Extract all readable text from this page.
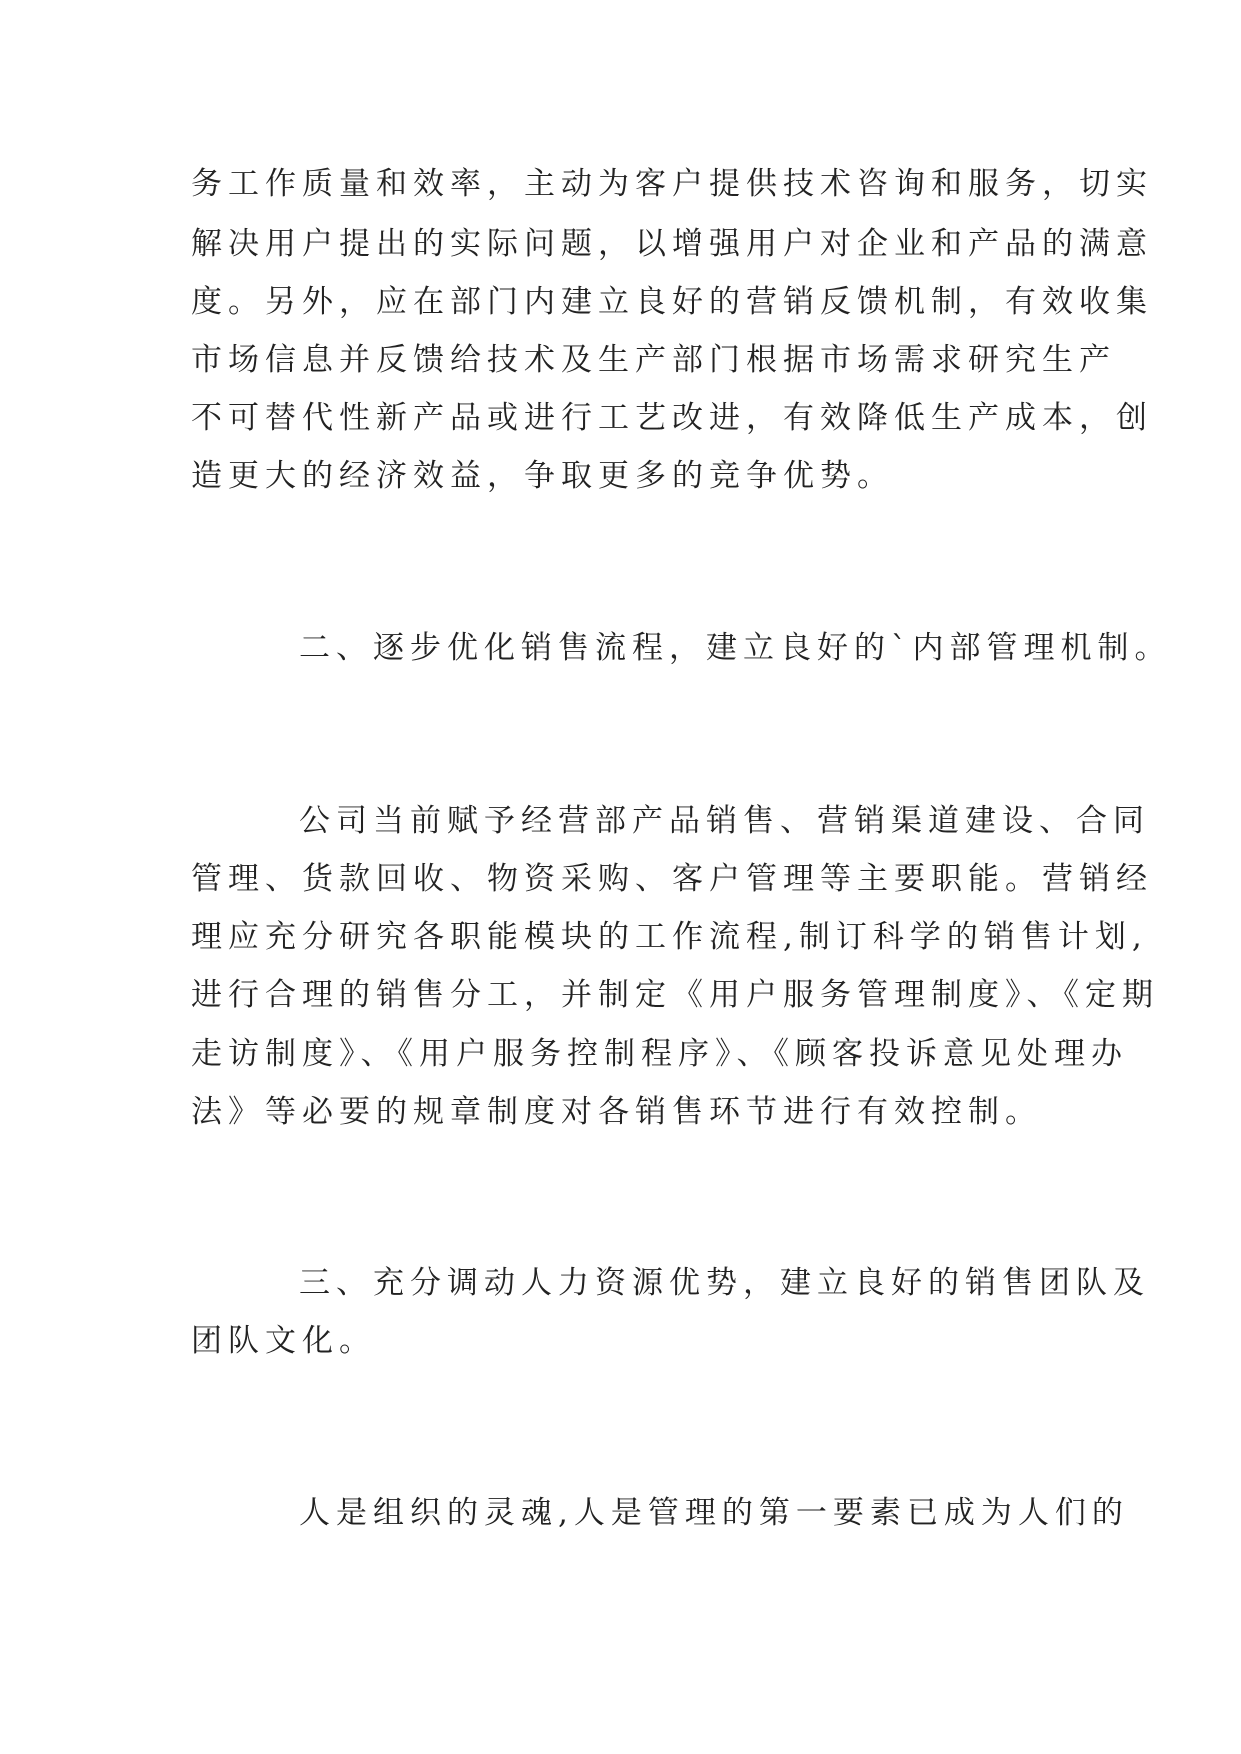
务工作质量和效率，主动为客户提供技术咨询和服务，切实
解决用户提出的实际问题，以增强用户对企业和产品的满意
度。另外，应在部门内建立良好的营销反馈机制，有效收集
市场信息并反馈给技术及生产部门根据市场需求研究生产
不可替代性新产品或进行工艺改进，有效降低生产成本，创
造更大的经济效益，争取更多的竞争优势。
二、逐步优化销售流程，建立良好的`内部管理机制。
公司当前赋予经营部产品销售、营销渠道建设、合同
管理、货款回收、物资采购、客户管理等主要职能。营销经
理应充分研究各职能模块的工作流程,制订科学的销售计划,
进行合理的销售分工，并制定《用户服务管理制度》、《定期
走访制度》、《用户服务控制程序》、《顾客投诉意见处理办
法》等必要的规章制度对各销售环节进行有效控制。
三、充分调动人力资源优势，建立良好的销售团队及
团队文化。
人是组织的灵魂,人是管理的第一要素已成为人们的
